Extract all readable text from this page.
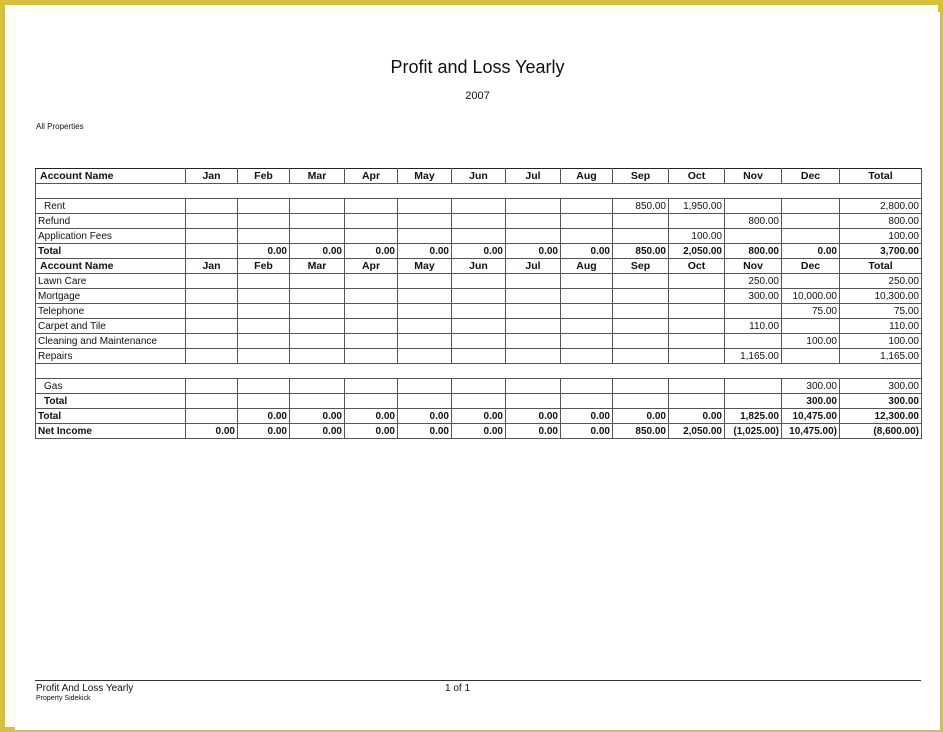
Profit and Loss Yearly
2007
All Properties
Account Name	Jan	Feb	Mar	Apr	May	Jun	Jul	Aug	Sep	Oct	Nov	Dec	Total

Rent									850.00	1,950.00			2,800.00
Refund											800.00		800.00
Application Fees										100.00			100.00
Total		0.00	0.00	0.00	0.00	0.00	0.00	0.00	850.00	2,050.00	800.00	0.00	3,700.00
Account Name	Jan	Feb	Mar	Apr	May	Jun	Jul	Aug	Sep	Oct	Nov	Dec	Total
Lawn Care											250.00		250.00
Mortgage											300.00	10,000.00	10,300.00
Telephone												75.00	75.00
Carpet and Tile											110.00		110.00
Cleaning and Maintenance												100.00	100.00
Repairs											1,165.00		1,165.00

Gas												300.00	300.00
Total												300.00	300.00
Total		0.00	0.00	0.00	0.00	0.00	0.00	0.00	0.00	0.00	1,825.00	10,475.00	12,300.00
Net Income	0.00	0.00	0.00	0.00	0.00	0.00	0.00	0.00	850.00	2,050.00	(1,025.00)	10,475.00)	(8,600.00)
Profit And Loss Yearly
Property Sidekick
1 of 1
